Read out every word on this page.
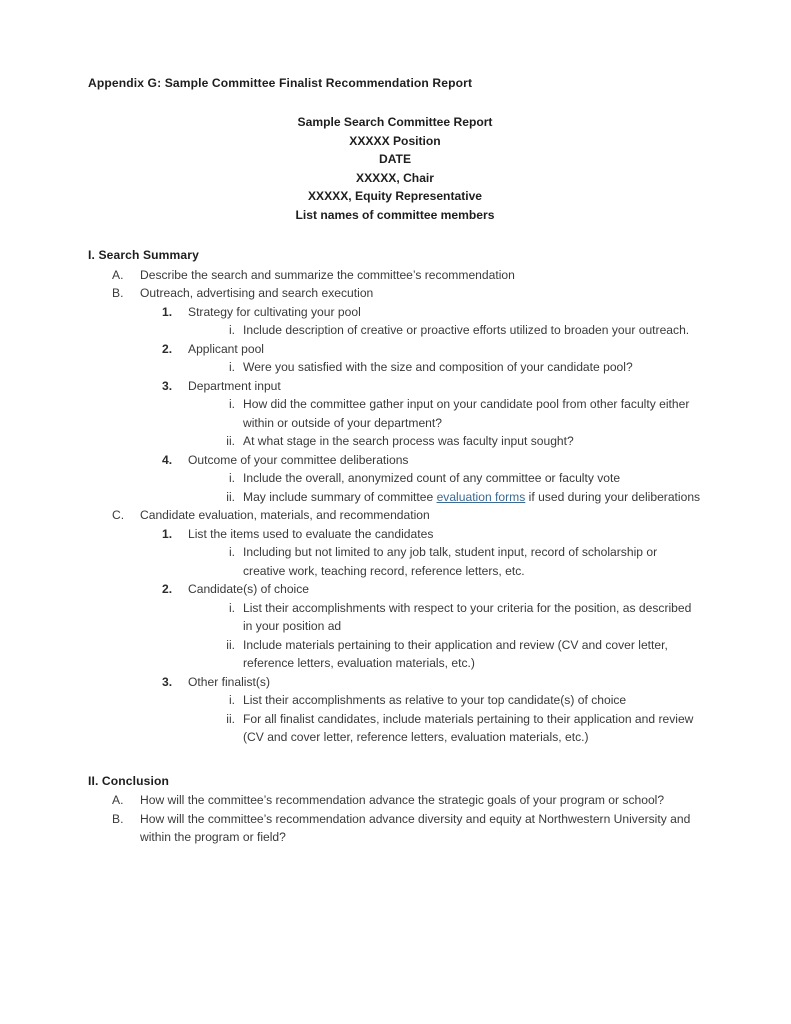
Appendix G: Sample Committee Finalist Recommendation Report
Sample Search Committee Report
XXXXX Position
DATE
XXXXX, Chair
XXXXX, Equity Representative
List names of committee members
I. Search Summary
A.	Describe the search and summarize the committee’s recommendation
B.	Outreach, advertising and search execution
1.	Strategy for cultivating your pool
i. Include description of creative or proactive efforts utilized to broaden your outreach.
2.	Applicant pool
i. Were you satisfied with the size and composition of your candidate pool?
3.	Department input
i. How did the committee gather input on your candidate pool from other faculty either within or outside of your department?
ii. At what stage in the search process was faculty input sought?
4.	Outcome of your committee deliberations
i. Include the overall, anonymized count of any committee or faculty vote
ii. May include summary of committee evaluation forms if used during your deliberations
C.	Candidate evaluation, materials, and recommendation
1.	List the items used to evaluate the candidates
i. Including but not limited to any job talk, student input, record of scholarship or creative work, teaching record, reference letters, etc.
2.	Candidate(s) of choice
i. List their accomplishments with respect to your criteria for the position, as described in your position ad
ii. Include materials pertaining to their application and review (CV and cover letter, reference letters, evaluation materials, etc.)
3.	Other finalist(s)
i. List their accomplishments as relative to your top candidate(s) of choice
ii. For all finalist candidates, include materials pertaining to their application and review (CV and cover letter, reference letters, evaluation materials, etc.)
II. Conclusion
A.	How will the committee’s recommendation advance the strategic goals of your program or school?
B.	How will the committee’s recommendation advance diversity and equity at Northwestern University and within the program or field?
